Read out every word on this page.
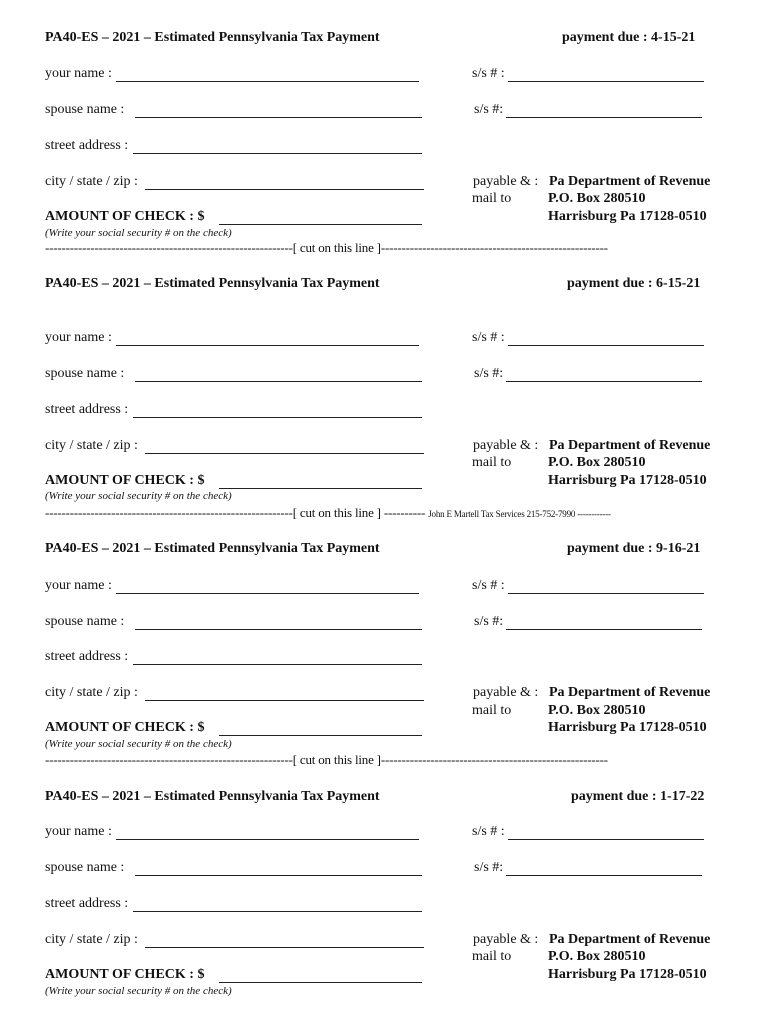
PA40-ES – 2021 – Estimated Pennsylvania Tax Payment	payment due : 4-15-21
your name :	s/s # :
spouse name :	s/s #:
street address :
city / state / zip :	payable & : Pa Department of Revenue
mail to	P.O. Box 280510
Harrisburg Pa 17128-0510
AMOUNT OF CHECK : $
(Write your social security # on the check)
------------------------------------------------------------[ cut on this line ]-------------------------------------------------------
PA40-ES – 2021 – Estimated Pennsylvania Tax Payment	payment due : 6-15-21
your name :	s/s # :
spouse name :	s/s #:
street address :
city / state / zip :	payable & : Pa Department of Revenue
mail to	P.O. Box 280510
Harrisburg Pa 17128-0510
AMOUNT OF CHECK : $
(Write your social security # on the check)
------------------------------------------------------------[ cut on this line ] ---------- John E Martell Tax Services 215-752-7990 ------------
PA40-ES – 2021 – Estimated Pennsylvania Tax Payment	payment due : 9-16-21
your name :	s/s # :
spouse name :	s/s #:
street address :
city / state / zip :	payable & : Pa Department of Revenue
mail to	P.O. Box 280510
Harrisburg Pa 17128-0510
AMOUNT OF CHECK : $
(Write your social security # on the check)
------------------------------------------------------------[ cut on this line ]-------------------------------------------------------
PA40-ES – 2021 – Estimated Pennsylvania Tax Payment	payment due : 1-17-22
your name :	s/s # :
spouse name :	s/s #:
street address :
city / state / zip :	payable & : Pa Department of Revenue
mail to	P.O. Box 280510
Harrisburg Pa 17128-0510
AMOUNT OF CHECK : $
(Write your social security # on the check)
